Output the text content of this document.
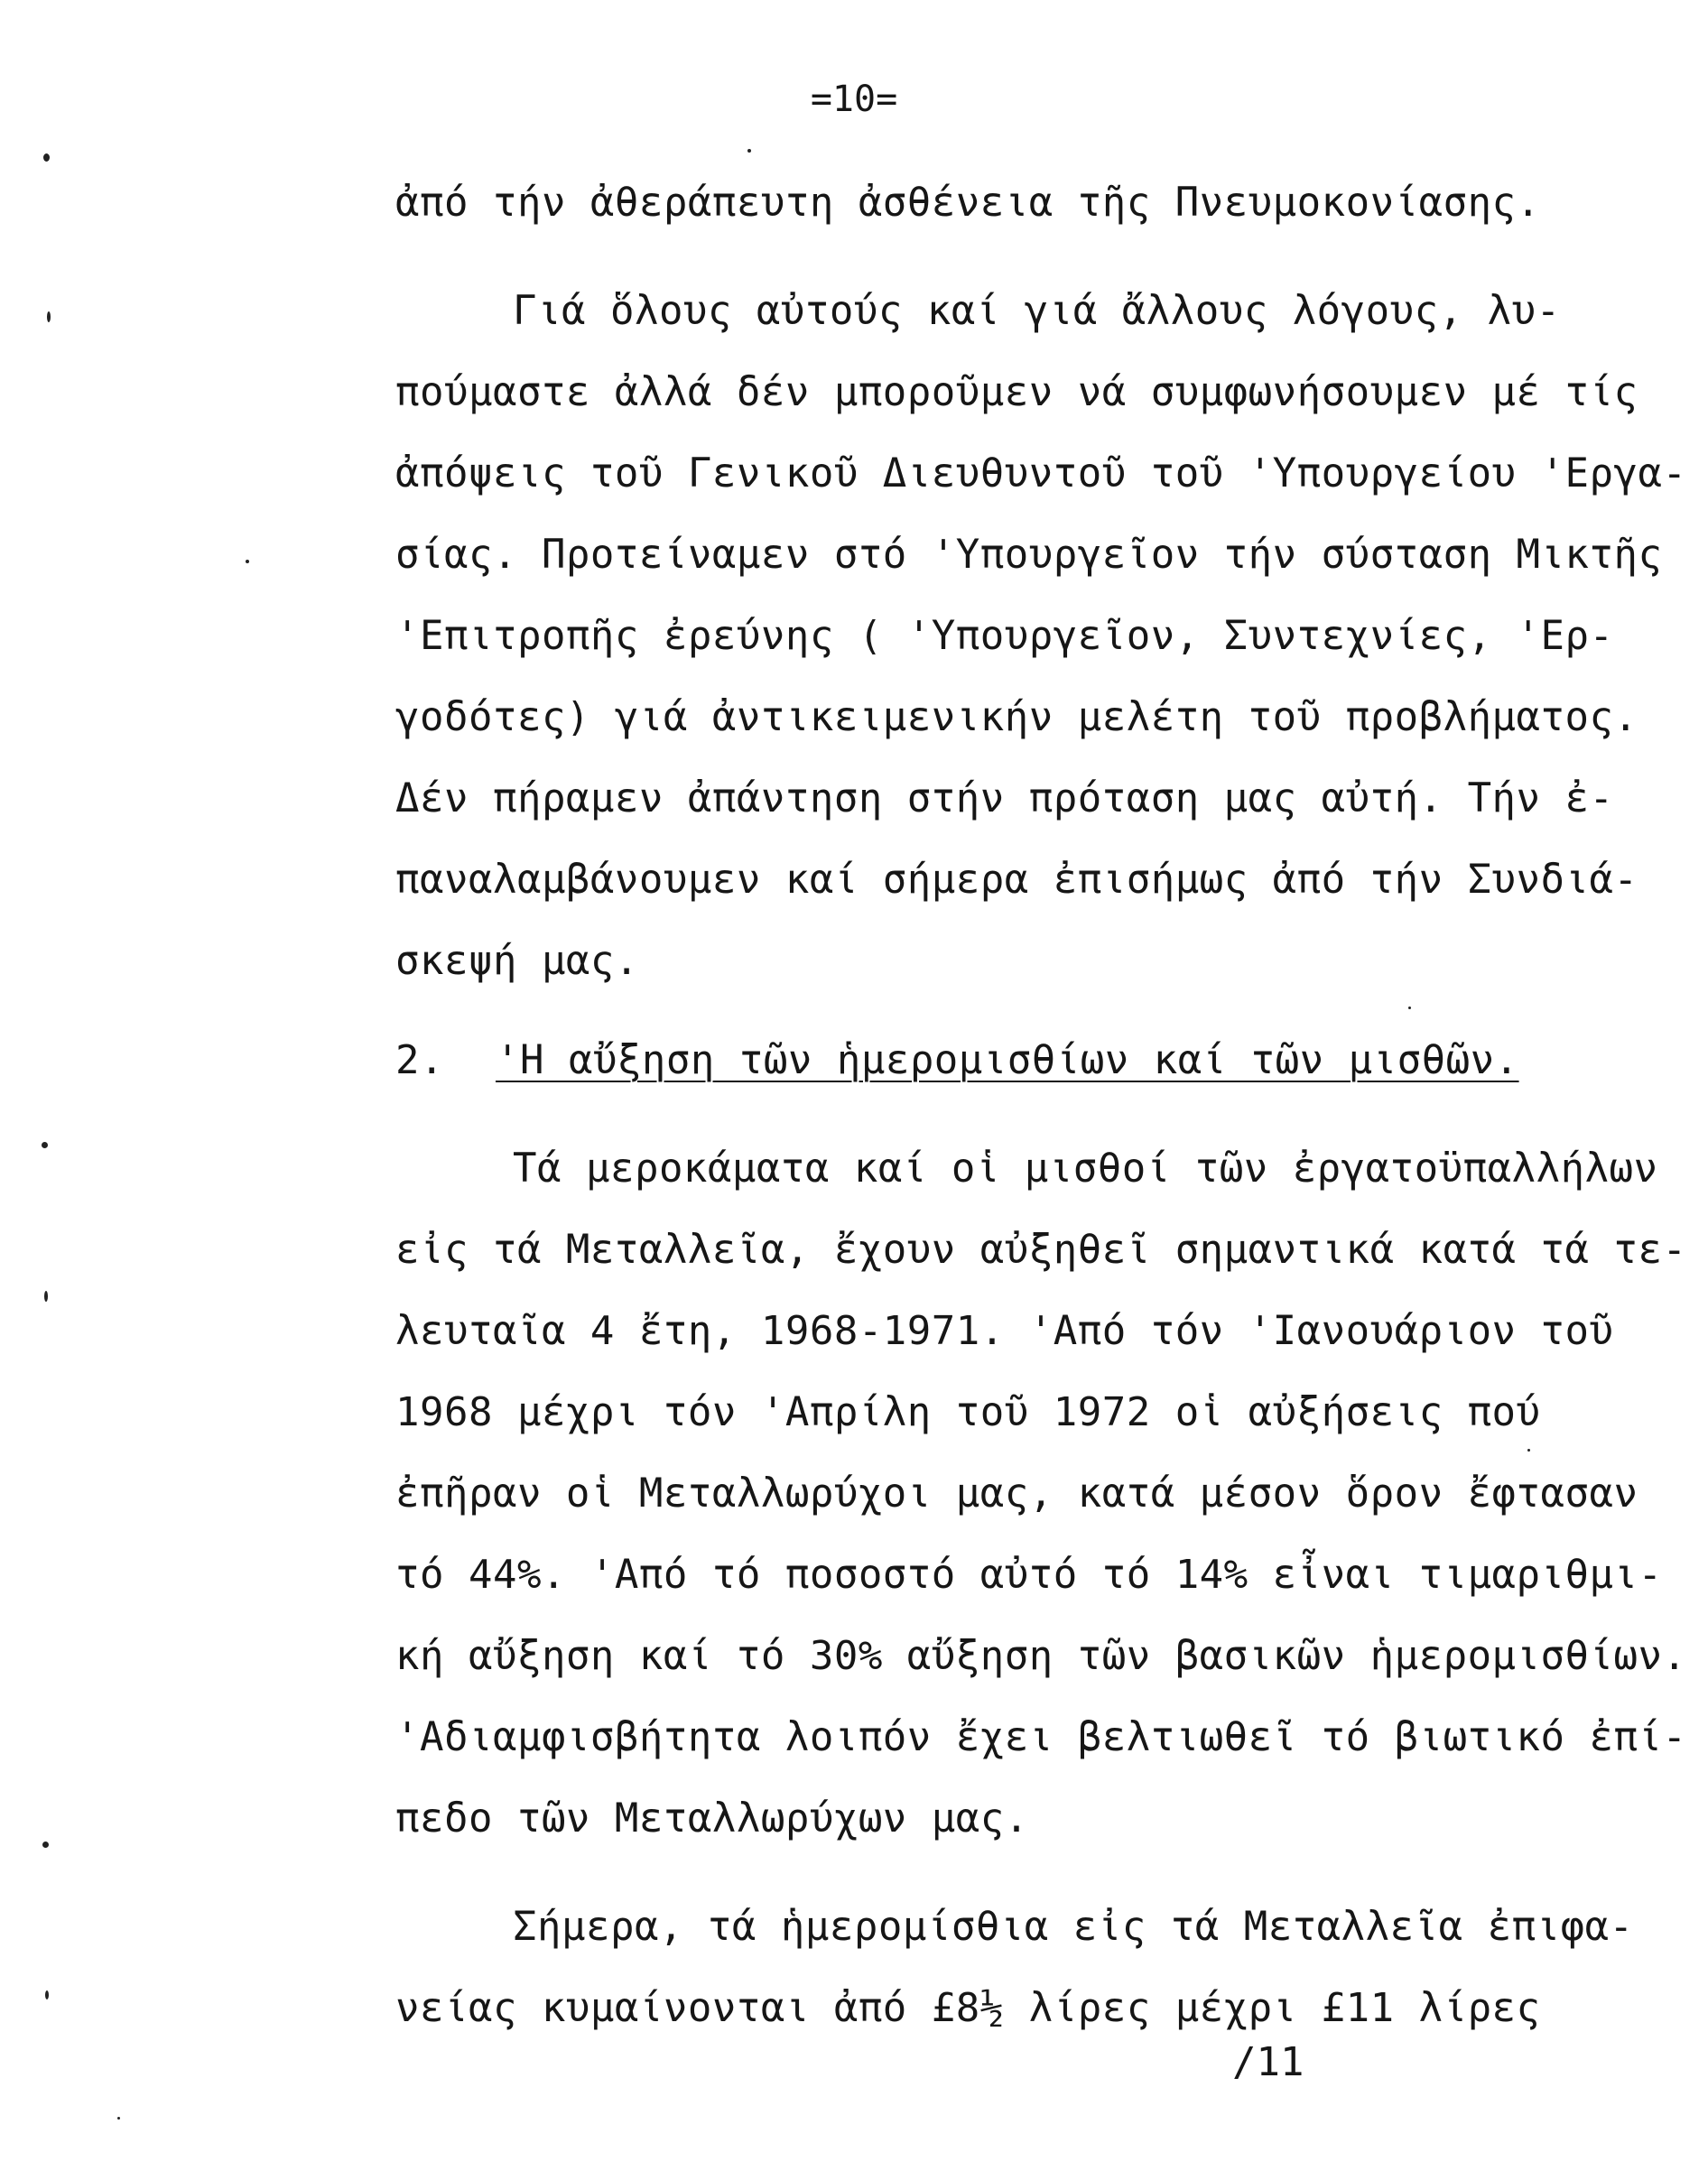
=10=
ἀπό τήν ἀθεράπευτη ἀσθένεια τῆς Πνευμοκονίασης.
Γιά ὅλους αὐτούς καί γιά ἄλλους λόγους, λυ-
πούμαστε ἀλλά δέν μποροῦμεν νά συμφωνήσουμεν μέ τίς
ἀπόψεις τοῦ Γενικοῦ Διευθυντοῦ τοῦ 'Υπουργείου 'Εργα-
σίας. Προτείναμεν στό 'Υπουργεῖον τήν σύσταση Μικτῆς
'Επιτροπῆς ἐρεύνης ( 'Υπουργεῖον, Συντεχνίες, 'Ερ-
γοδότες) γιά ἀντικειμενικήν μελέτη τοῦ προβλήματος.
Δέν πήραμεν ἀπάντηση στήν πρόταση μας αὐτή. Τήν ἐ-
παναλαμβάνουμεν καί σήμερα ἐπισήμως ἀπό τήν Συνδιά-
σκεψή μας.
2. 'Η αὔξηση τῶν ἡμερομισθίων καί τῶν μισθῶν.
Τά μεροκάματα καί οἱ μισθοί τῶν ἐργατοϋπαλλήλων
εἰς τά Μεταλλεῖα, ἔχουν αὐξηθεῖ σημαντικά κατά τά τε-
λευταῖα 4 ἔτη, 1968-1971. 'Από τόν 'Ιανουάριον τοῦ
1968 μέχρι τόν 'Απρίλη τοῦ 1972 οἱ αὐξήσεις πού
ἐπῆραν οἱ Μεταλλωρύχοι μας, κατά μέσον ὅρον ἔφτασαν
τό 44%. 'Από τό ποσοστό αὐτό τό 14% εἶναι τιμαριθμι-
κή αὔξηση καί τό 30% αὔξηση τῶν βασικῶν ἡμερομισθίων.
'Αδιαμφισβήτητα λοιπόν ἔχει βελτιωθεῖ τό βιωτικό ἐπί-
πεδο τῶν Μεταλλωρύχων μας.
Σήμερα, τά ἡμερομίσθια εἰς τά Μεταλλεῖα ἐπιφα-
νείας κυμαίνονται ἀπό £8½ λίρες μέχρι £11 λίρες
/11
